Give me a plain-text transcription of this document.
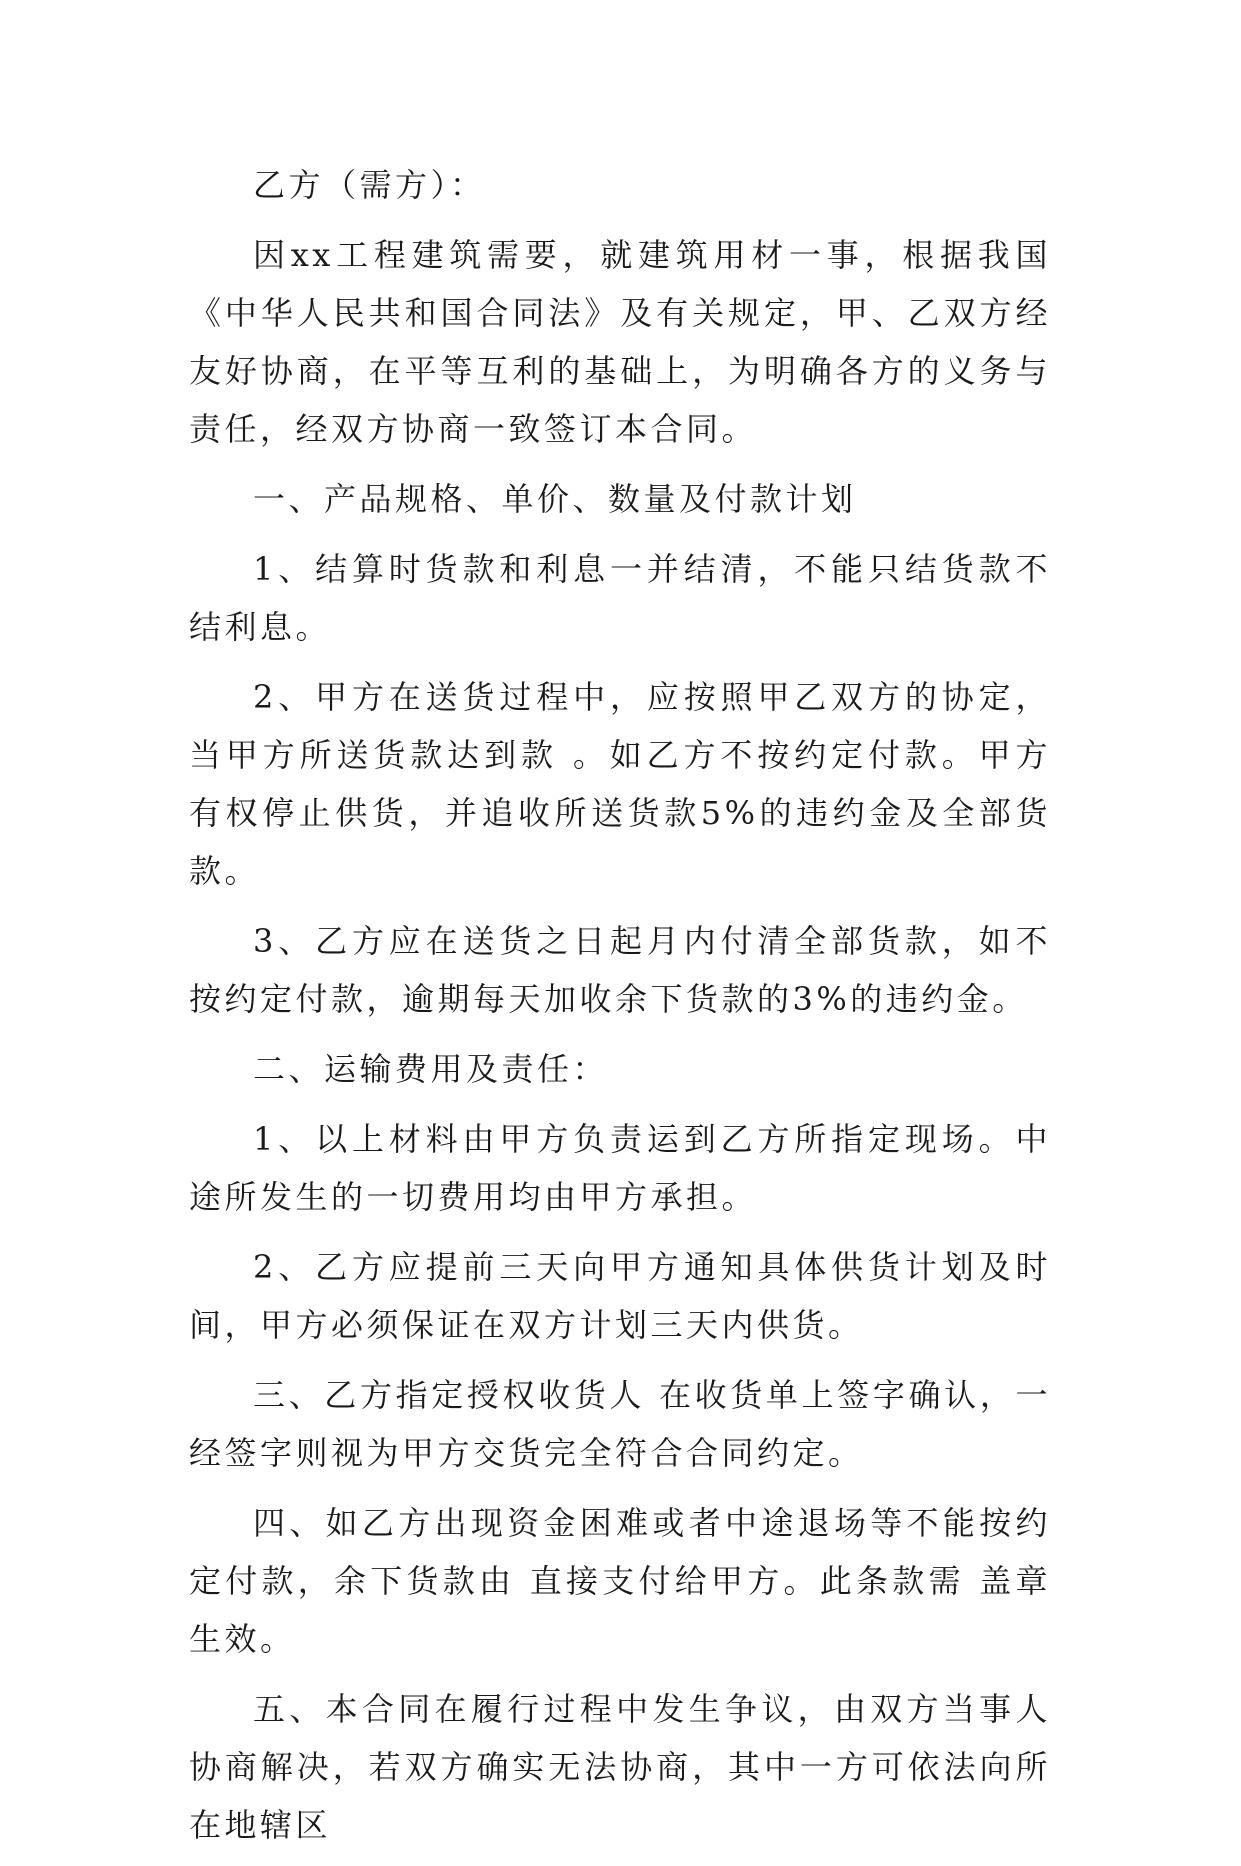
乙方（需方）：

因xx工程建筑需要，就建筑用材一事，根据我国《中华人民共和国合同法》及有关规定，甲、乙双方经友好协商，在平等互利的基础上，为明确各方的义务与责任，经双方协商一致签订本合同。

一、产品规格、单价、数量及付款计划

1、结算时货款和利息一并结清，不能只结货款不结利息。

2、甲方在送货过程中，应按照甲乙双方的协定，当甲方所送货款达到款 。如乙方不按约定付款。甲方有权停止供货，并追收所送货款5%的违约金及全部货款。

3、乙方应在送货之日起月内付清全部货款，如不按约定付款，逾期每天加收余下货款的3%的违约金。

二、运输费用及责任：

1、以上材料由甲方负责运到乙方所指定现场。中途所发生的一切费用均由甲方承担。

2、乙方应提前三天向甲方通知具体供货计划及时间，甲方必须保证在双方计划三天内供货。

三、乙方指定授权收货人 在收货单上签字确认，一经签字则视为甲方交货完全符合合同约定。

四、如乙方出现资金困难或者中途退场等不能按约定付款，余下货款由 直接支付给甲方。此条款需 盖章生效。

五、本合同在履行过程中发生争议，由双方当事人协商解决，若双方确实无法协商，其中一方可依法向所在地辖区
